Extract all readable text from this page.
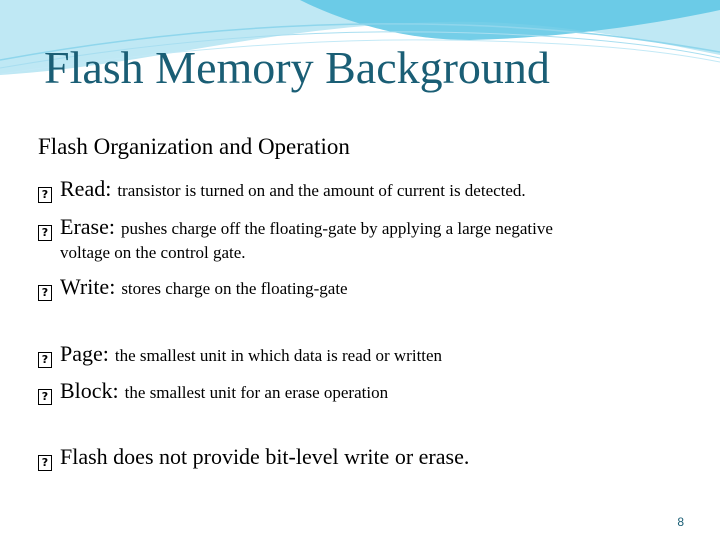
Flash Memory Background
Flash Organization and Operation
? Read: transistor is turned on and the amount of current is detected.
? Erase: pushes charge off the floating-gate by applying a large negative
voltage on the control gate.
? Write: stores charge on the floating-gate
? Page: the smallest unit in which data is read or written
? Block: the smallest unit for an erase operation
? Flash does not provide bit-level write or erase.
8
